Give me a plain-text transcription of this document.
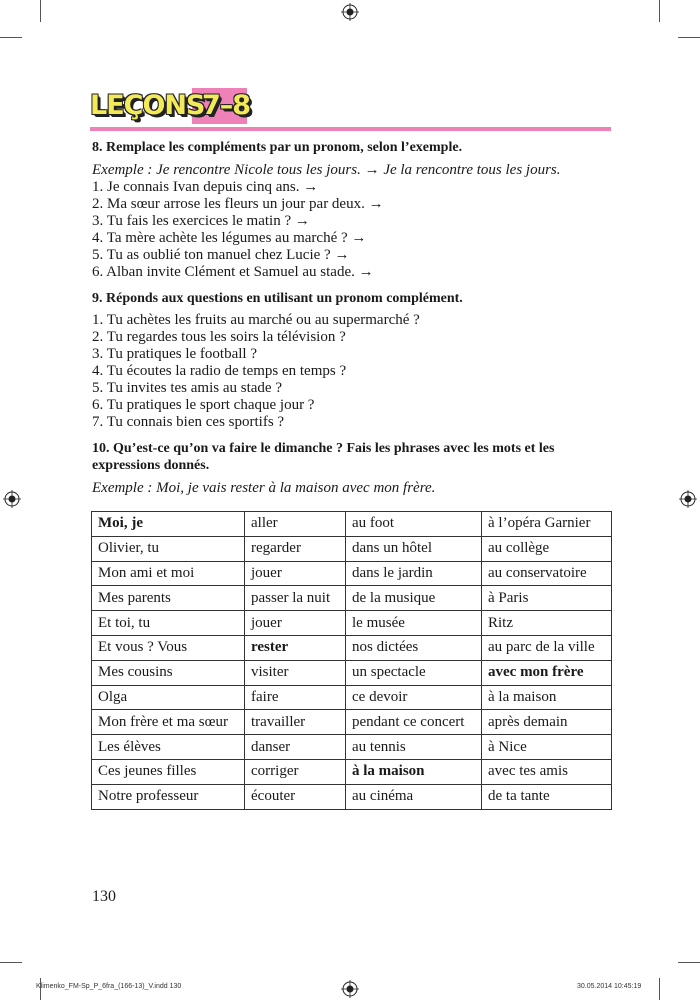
LEÇONS
7–8

8. Remplace les compléments par un pronom, selon l’exemple.

Exemple : Je rencontre Nicole tous les jours. → Je la rencontre tous les jours.

1. Je connais Ivan depuis cinq ans. →
2. Ma sœur arrose les fleurs un jour par deux. →
3. Tu fais les exercices le matin ? →
4. Ta mère achète les légumes au marché ? →
5. Tu as oublié ton manuel chez Lucie ? →
6. Alban invite Clément et Samuel au stade. →

9. Réponds aux questions en utilisant un pronom complément.

1. Tu achètes les fruits au marché ou au supermarché ?
2. Tu regardes tous les soirs la télévision ?
3. Tu pratiques le football ?
4. Tu écoutes la radio de temps en temps ?
5. Tu invites tes amis au stade ?
6. Tu pratiques le sport chaque jour ?
7. Tu connais bien ces sportifs ?

10. Qu’est-ce qu’on va faire le dimanche ? Fais les phrases avec les mots et les expressions donnés.

Exemple : Moi, je vais rester à la maison avec mon frère.

Moi, je	aller	au foot	à l’opéra Garnier
Olivier, tu	regarder	dans un hôtel	au collège
Mon ami et moi	jouer	dans le jardin	au conservatoire
Mes parents	passer la nuit	de la musique	à Paris
Et toi, tu	jouer	le musée	Ritz
Et vous ? Vous	rester	nos dictées	au parc de la ville
Mes cousins	visiter	un spectacle	avec mon frère
Olga	faire	ce devoir	à la maison
Mon frère et ma sœur	travailler	pendant ce concert	après demain
Les élèves	danser	au tennis	à Nice
Ces jeunes filles	corriger	à la maison	avec tes amis
Notre professeur	écouter	au cinéma	de ta tante
130
Klimenko_FM-Sp_P_6fra_(166-13)_V.indd 130	30.05.2014 10:45:19
